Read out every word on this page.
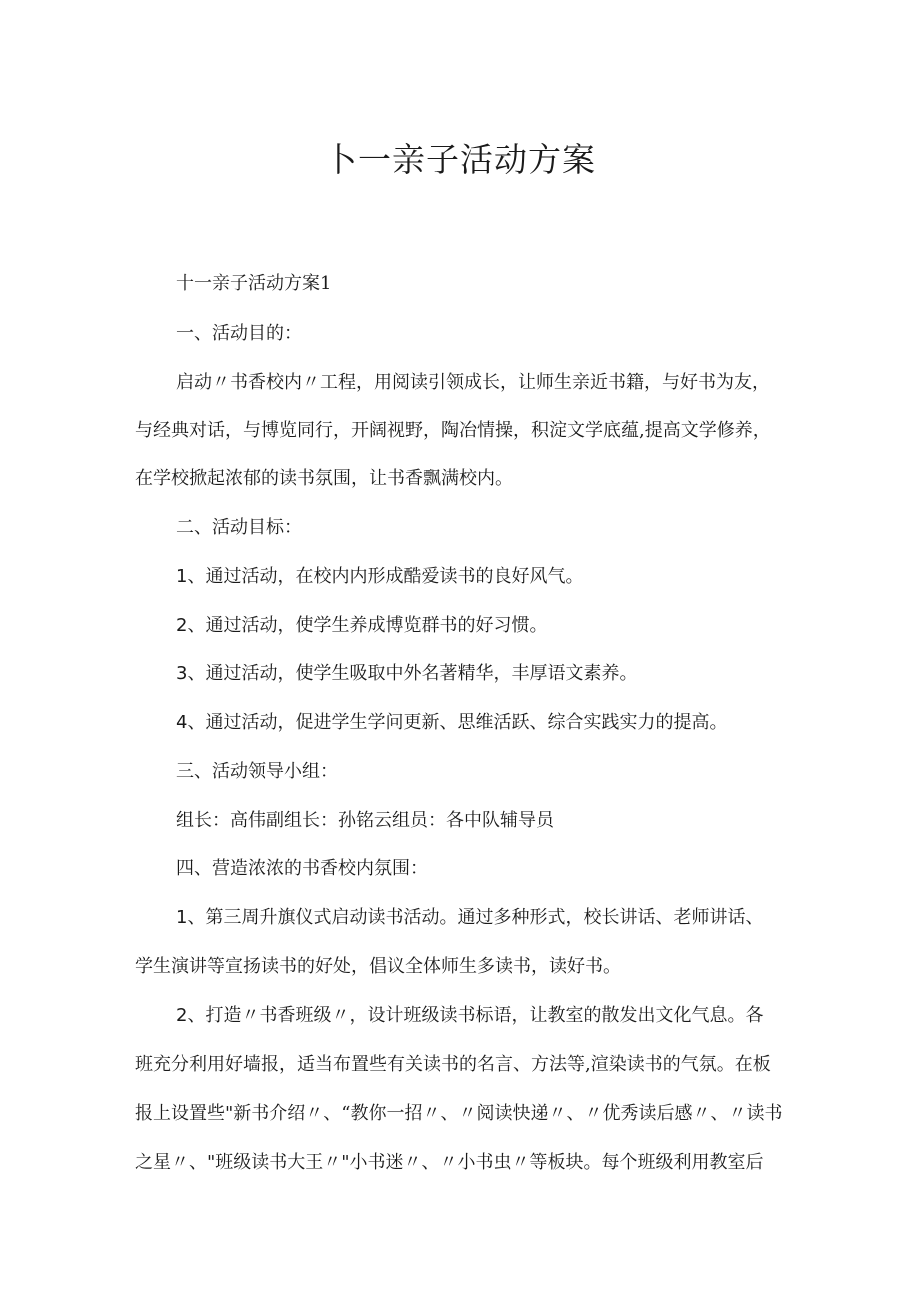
卜一亲子活动方案

十一亲子活动方案1

一、活动目的：

启动〃书香校内〃工程，用阅读引领成长，让师生亲近书籍，与好书为友，

与经典对话，与博览同行，开阔视野，陶冶情操，积淀文学底蕴,提高文学修养，

在学校掀起浓郁的读书氛围，让书香飘满校内。

二、活动目标：

1、通过活动，在校内内形成酷爱读书的良好风气。

2、通过活动，使学生养成博览群书的好习惯。

3、通过活动，使学生吸取中外名著精华，丰厚语文素养。

4、通过活动，促进学生学问更新、思维活跃、综合实践实力的提高。

三、活动领导小组：

组长：高伟副组长：孙铭云组员：各中队辅导员

四、营造浓浓的书香校内氛围：

1、第三周升旗仪式启动读书活动。通过多种形式，校长讲话、老师讲话、

学生演讲等宣扬读书的好处，倡议全体师生多读书，读好书。

2、打造〃书香班级〃，设计班级读书标语，让教室的散发出文化气息。各

班充分利用好墙报，适当布置些有关读书的名言、方法等,渲染读书的气氛。在板

报上设置些"新书介绍〃、“教你一招〃、〃阅读快递〃、〃优秀读后感〃、〃读书

之星〃、"班级读书大王〃"小书迷〃、〃小书虫〃等板块。每个班级利用教室后
